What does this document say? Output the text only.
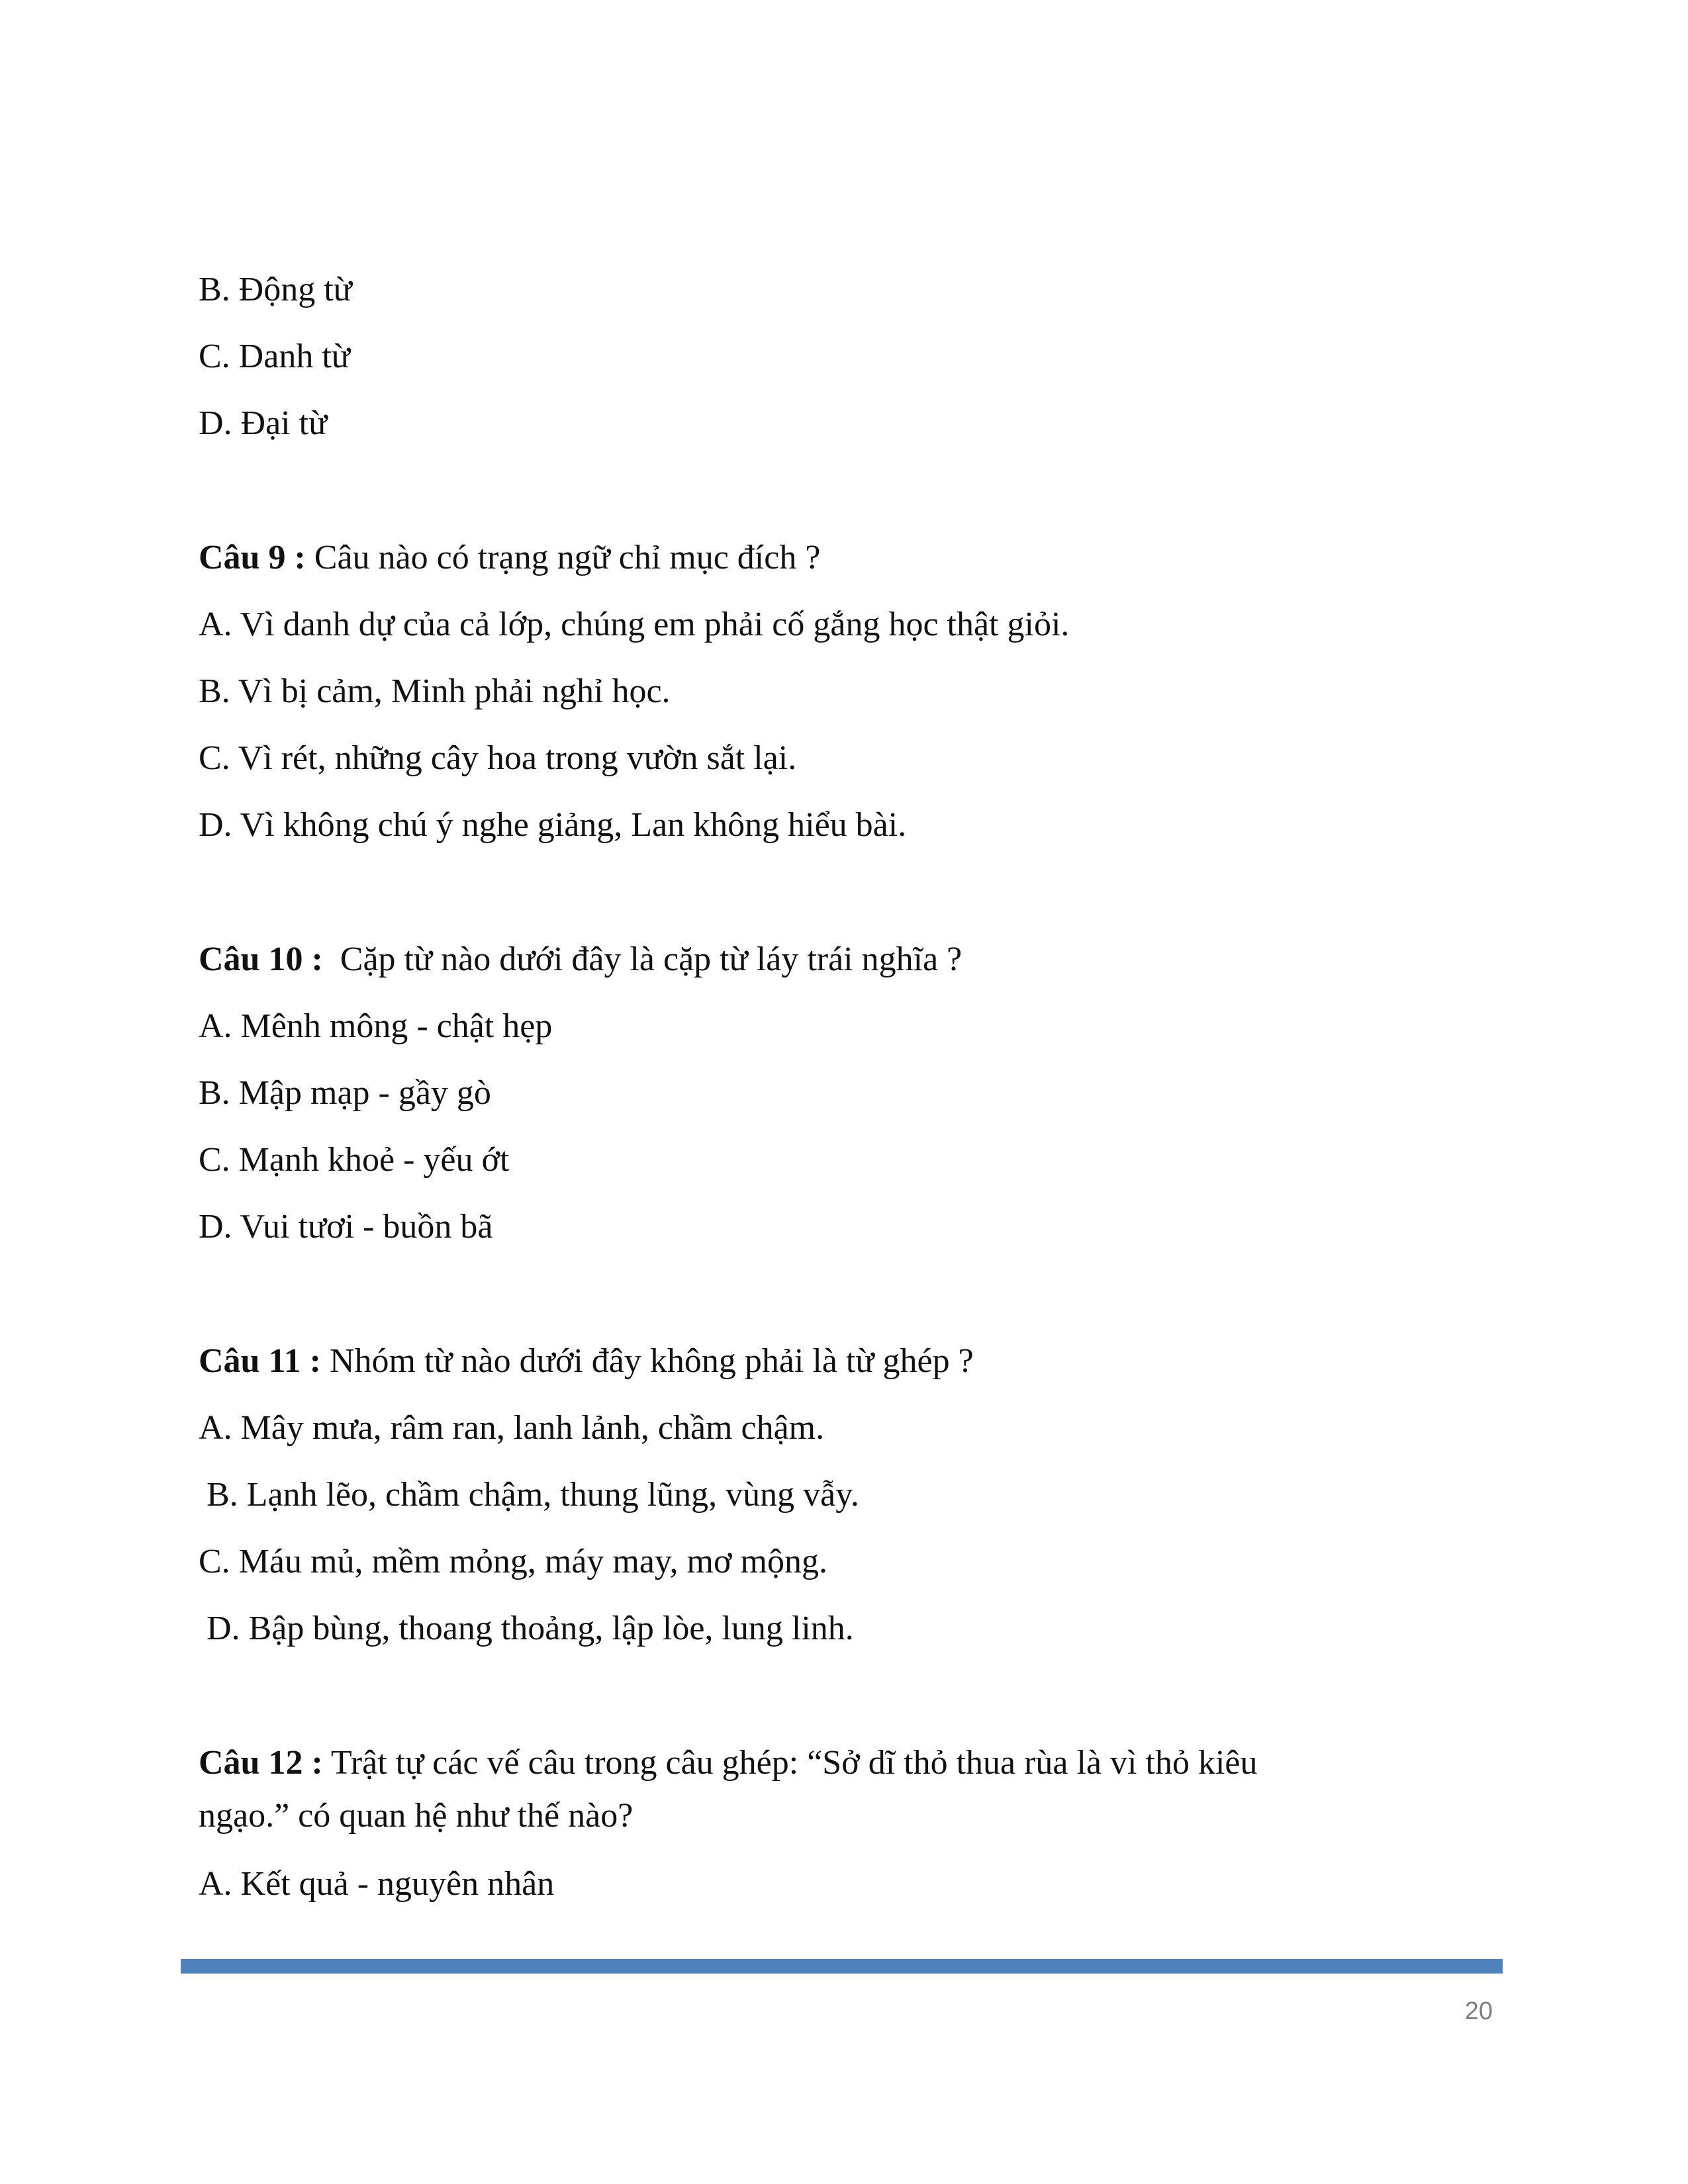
B. Động từ
C. Danh từ
D. Đại từ
Câu 9 : Câu nào có trạng ngữ chỉ mục đích ?
A. Vì danh dự của cả lớp, chúng em phải cố gắng học thật giỏi.
B. Vì bị cảm, Minh phải nghỉ học.
C. Vì rét, những cây hoa trong vườn sắt lại.
D. Vì không chú ý nghe giảng, Lan không hiểu bài.
Câu 10 :  Cặp từ nào dưới đây là cặp từ láy trái nghĩa ?
A. Mênh mông - chật hẹp
B. Mập mạp - gầy gò
C. Mạnh khoẻ - yếu ớt
D. Vui tươi - buồn bã
Câu 11 : Nhóm từ nào dưới đây không phải là từ ghép ?
A. Mây mưa, râm ran, lanh lảnh, chầm chậm.
B. Lạnh lẽo, chầm chậm, thung lũng, vùng vẫy.
C. Máu mủ, mềm mỏng, máy may, mơ mộng.
D. Bập bùng, thoang thoảng, lập lòe, lung linh.
Câu 12 : Trật tự các vế câu trong câu ghép: “Sở dĩ thỏ thua rùa là vì thỏ kiêu
ngạo.” có quan hệ như thế nào?
A. Kết quả - nguyên nhân
20
